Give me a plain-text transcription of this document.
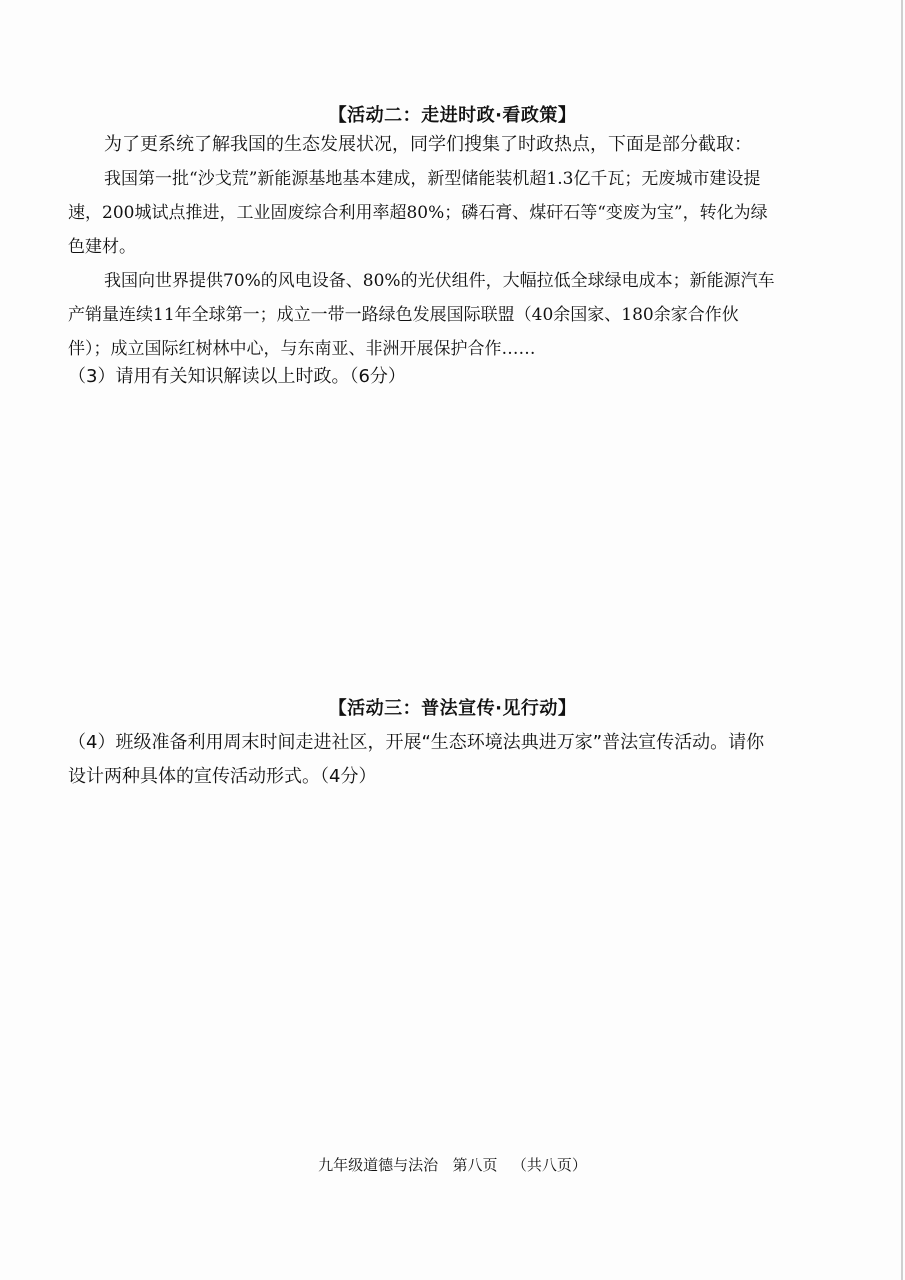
【活动二：走进时政·看政策】

为了更系统了解我国的生态发展状况，同学们搜集了时政热点，下面是部分截取：

我国第一批“沙戈荒”新能源基地基本建成，新型储能装机超1.3亿千瓦；无废城市建设提速，200城试点推进，工业固废综合利用率超80%；磷石膏、煤矸石等“变废为宝”，转化为绿色建材。

我国向世界提供70%的风电设备、80%的光伏组件，大幅拉低全球绿电成本；新能源汽车产销量连续11年全球第一；成立一带一路绿色发展国际联盟（40余国家、180余家合作伙伴）；成立国际红树林中心，与东南亚、非洲开展保护合作……

（3）请用有关知识解读以上时政。（6分）

【活动三：普法宣传·见行动】

（4）班级准备利用周末时间走进社区，开展“生态环境法典进万家”普法宣传活动。请你设计两种具体的宣传活动形式。（4分）

九年级道德与法治 第八页 （共八页）
